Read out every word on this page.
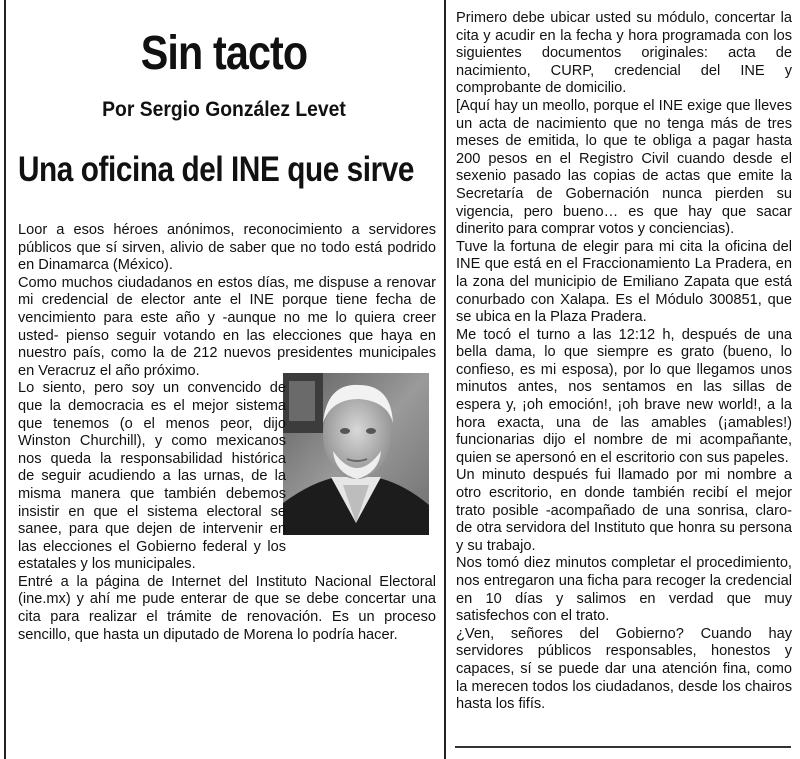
Sin tacto
Por Sergio González Levet
Una oficina del INE que sirve

Loor a esos héroes anónimos, reconocimiento a servidores públicos que sí sirven, alivio de saber que no todo está podrido en Dinamarca (México).

Como muchos ciudadanos en estos días, me dispuse a renovar mi credencial de elector ante el INE porque tiene fecha de vencimiento para este año y -aunque no me lo quiera creer usted- pienso seguir votando en las elecciones que haya en nuestro país, como la de 212 nuevos presidentes municipales en Veracruz el año próximo.

Lo siento, pero soy un convencido de que la democracia es el mejor sistema que tenemos (o el menos peor, dijo Winston Churchill), y como mexicanos nos queda la responsabilidad histórica de seguir acudiendo a las urnas, de la misma manera que también debemos insistir en que el sistema electoral se sanee, para que dejen de intervenir en las elecciones el Gobierno federal y los estatales y los municipales.

Entré a la página de Internet del Instituto Nacional Electoral (ine.mx) y ahí me pude enterar de que se debe concertar una cita para realizar el trámite de renovación. Es un proceso sencillo, que hasta un diputado de Morena lo podría hacer.

Primero debe ubicar usted su módulo, concertar la cita y acudir en la fecha y hora programada con los siguientes documentos originales: acta de nacimiento, CURP, credencial del INE y comprobante de domicilio.

[Aquí hay un meollo, porque el INE exige que lleves un acta de nacimiento que no tenga más de tres meses de emitida, lo que te obliga a pagar hasta 200 pesos en el Registro Civil cuando desde el sexenio pasado las copias de actas que emite la Secretaría de Gobernación nunca pierden su vigencia, pero bueno… es que hay que sacar dinerito para comprar votos y conciencias).

Tuve la fortuna de elegir para mi cita la oficina del INE que está en el Fraccionamiento La Pradera, en la zona del municipio de Emiliano Zapata que está conurbado con Xalapa. Es el Módulo 300851, que se ubica en la Plaza Pradera.

Me tocó el turno a las 12:12 h, después de una bella dama, lo que siempre es grato (bueno, lo confieso, es mi esposa), por lo que llegamos unos minutos antes, nos sentamos en las sillas de espera y, ¡oh emoción!, ¡oh brave new world!, a la hora exacta, una de las amables (¡amables!) funcionarias dijo el nombre de mi acompañante, quien se apersonó en el escritorio con sus papeles.

Un minuto después fui llamado por mi nombre a otro escritorio, en donde también recibí el mejor trato posible -acompañado de una sonrisa, claro- de otra servidora del Instituto que honra su persona y su trabajo.

Nos tomó diez minutos completar el procedimiento, nos entregaron una ficha para recoger la credencial en 10 días y salimos en verdad que muy satisfechos con el trato.

¿Ven, señores del Gobierno? Cuando hay servidores públicos responsables, honestos y capaces, sí se puede dar una atención fina, como la merecen todos los ciudadanos, desde los chairos hasta los fifís.
